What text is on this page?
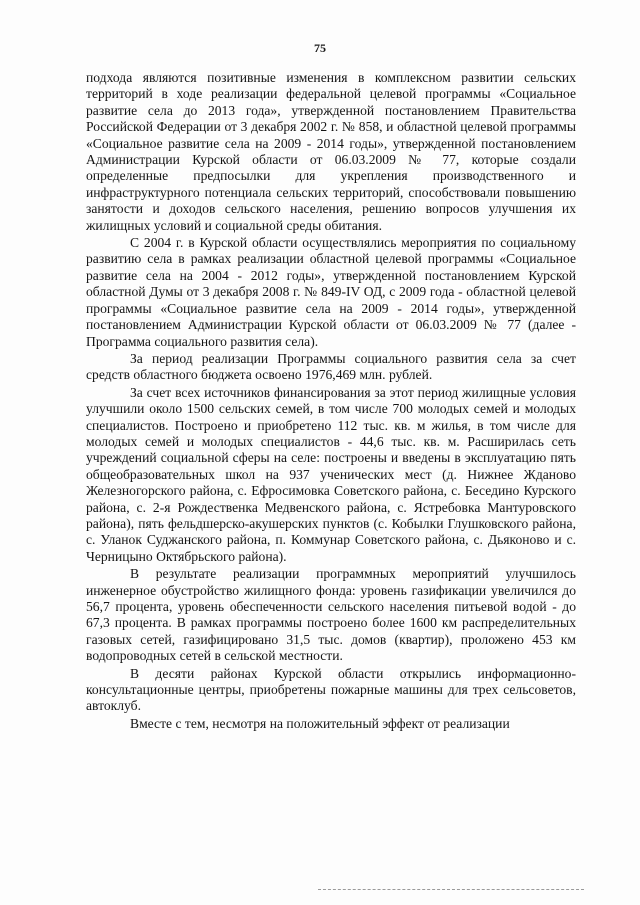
75

подхода являются позитивные изменения в комплексном развитии сельских территорий в ходе реализации федеральной целевой программы «Социальное развитие села до 2013 года», утвержденной постановлением Правительства Российской Федерации от 3 декабря 2002 г. № 858, и областной целевой программы «Социальное развитие села на 2009 - 2014 годы», утвержденной постановлением Администрации Курской области от 06.03.2009 № 77, которые создали определенные предпосылки для укрепления производственного и инфраструктурного потенциала сельских территорий, способствовали повышению занятости и доходов сельского населения, решению вопросов улучшения их жилищных условий и социальной среды обитания.

С 2004 г. в Курской области осуществлялись мероприятия по социальному развитию села в рамках реализации областной целевой программы «Социальное развитие села на 2004 - 2012 годы», утвержденной постановлением Курской областной Думы от 3 декабря 2008 г. № 849-IV ОД, с 2009 года - областной целевой программы «Социальное развитие села на 2009 - 2014 годы», утвержденной постановлением Администрации Курской области от 06.03.2009 № 77 (далее - Программа социального развития села).

За период реализации Программы социального развития села за счет средств областного бюджета освоено 1976,469 млн. рублей.

За счет всех источников финансирования за этот период жилищные условия улучшили около 1500 сельских семей, в том числе 700 молодых семей и молодых специалистов. Построено и приобретено 112 тыс. кв. м жилья, в том числе для молодых семей и молодых специалистов - 44,6 тыс. кв. м. Расширилась сеть учреждений социальной сферы на селе: построены и введены в эксплуатацию пять общеобразовательных школ на 937 ученических мест (д. Нижнее Жданово Железногорского района, с. Ефросимовка Советского района, с. Беседино Курского района, с. 2-я Рождественка Медвенского района, с. Ястребовка Мантуровского района), пять фельдшерско-акушерских пунктов (с. Кобылки Глушковского района, с. Уланок Суджанского района, п. Коммунар Советского района, с. Дьяконово и с. Черницыно Октябрьского района).

В результате реализации программных мероприятий улучшилось инженерное обустройство жилищного фонда: уровень газификации увеличился до 56,7 процента, уровень обеспеченности сельского населения питьевой водой - до 67,3 процента. В рамках программы построено более 1600 км распределительных газовых сетей, газифицировано 31,5 тыс. домов (квартир), проложено 453 км водопроводных сетей в сельской местности.

В десяти районах Курской области открылись информационно-консультационные центры, приобретены пожарные машины для трех сельсоветов, автоклуб.

Вместе с тем, несмотря на положительный эффект от реализации
